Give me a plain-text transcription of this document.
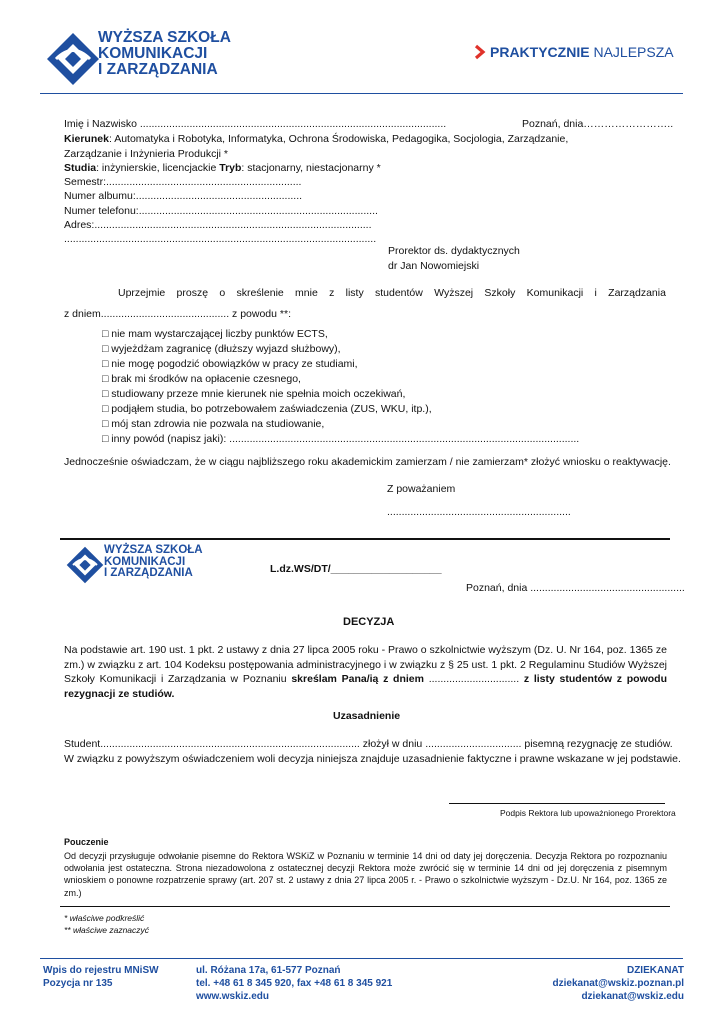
WYŻSZA SZKOŁA
KOMUNIKACJI
I ZARZĄDZANIA
PRAKTYCZNIE NAJLEPSZA
Imię i Nazwisko .........................................................................................................	Poznań, dnia……………………..
Kierunek: Automatyka i Robotyka, Informatyka, Ochrona Środowiska, Pedagogika, Socjologia, Zarządzanie,
Zarządzanie i Inżynieria Produkcji *
Studia: inżynierskie, licencjackie Tryb: stacjonarny, niestacjonarny *
Semestr:...................................................................
Numer albumu:.........................................................
Numer telefonu:..................................................................................
Adres:...............................................................................................
...........................................................................................................
Prorektor ds. dydaktycznych
dr Jan Nowomiejski
Uprzejmie proszę o skreślenie mnie z listy studentów Wyższej Szkoły Komunikacji i Zarządzania
z dniem............................................ z powodu **:
□ nie mam wystarczającej liczby punktów ECTS,
□ wyjeżdżam zagranicę (dłuższy wyjazd służbowy),
□ nie mogę pogodzić obowiązków w pracy ze studiami,
□ brak mi środków na opłacenie czesnego,
□ studiowany przeze mnie kierunek nie spełnia moich oczekiwań,
□ podjąłem studia, bo potrzebowałem zaświadczenia (ZUS, WKU, itp.),
□ mój stan zdrowia nie pozwala na studiowanie,
□ inny powód (napisz jaki): ........................................................................................................................
Jednocześnie oświadczam, że w ciągu najbliższego roku akademickim zamierzam / nie zamierzam* złożyć wniosku o reaktywację.
Z poważaniem
...............................................................
WYŻSZA SZKOŁA
KOMUNIKACJI
I ZARZĄDZANIA	L.dz.WS/DT/___________________
Poznań, dnia .....................................................
DECYZJA
Na podstawie art. 190 ust. 1 pkt. 2 ustawy z dnia 27 lipca 2005 roku - Prawo o szkolnictwie wyższym (Dz. U. Nr 164, poz. 1365 ze zm.) w związku z art. 104 Kodeksu postępowania administracyjnego i w związku z § 25 ust. 1 pkt. 2 Regulaminu Studiów Wyższej Szkoły Komunikacji i Zarządzania w Poznaniu skreślam Pana/ią z dniem ............................... z listy studentów z powodu rezygnacji ze studiów.
Uzasadnienie
Student......................................................................................... złożył w dniu ................................. pisemną rezygnację ze studiów.
W związku z powyższym oświadczeniem woli decyzja niniejsza znajduje uzasadnienie faktyczne i prawne wskazane w jej podstawie.
Podpis Rektora lub upoważnionego Prorektora
Pouczenie
Od decyzji przysługuje odwołanie pisemne do Rektora WSKiZ w Poznaniu w terminie 14 dni od daty jej doręczenia. Decyzja Rektora po rozpoznaniu odwołania jest ostateczna. Strona niezadowolona z ostatecznej decyzji Rektora może zwrócić się w terminie 14 dni od jej doręczenia z pisemnym wnioskiem o ponowne rozpatrzenie sprawy (art. 207 st. 2 ustawy z dnia 27 lipca 2005 r. - Prawo o szkolnictwie wyższym - Dz.U. Nr 164, poz. 1365 ze zm.)
* właściwe podkreślić
** właściwe zaznaczyć
Wpis do rejestru MNiSW
Pozycja nr 135
ul. Różana 17a, 61-577 Poznań
tel. +48 61 8 345 920, fax +48 61 8 345 921
www.wskiz.edu
DZIEKANAT
dziekanat@wskiz.poznan.pl
dziekanat@wskiz.edu
